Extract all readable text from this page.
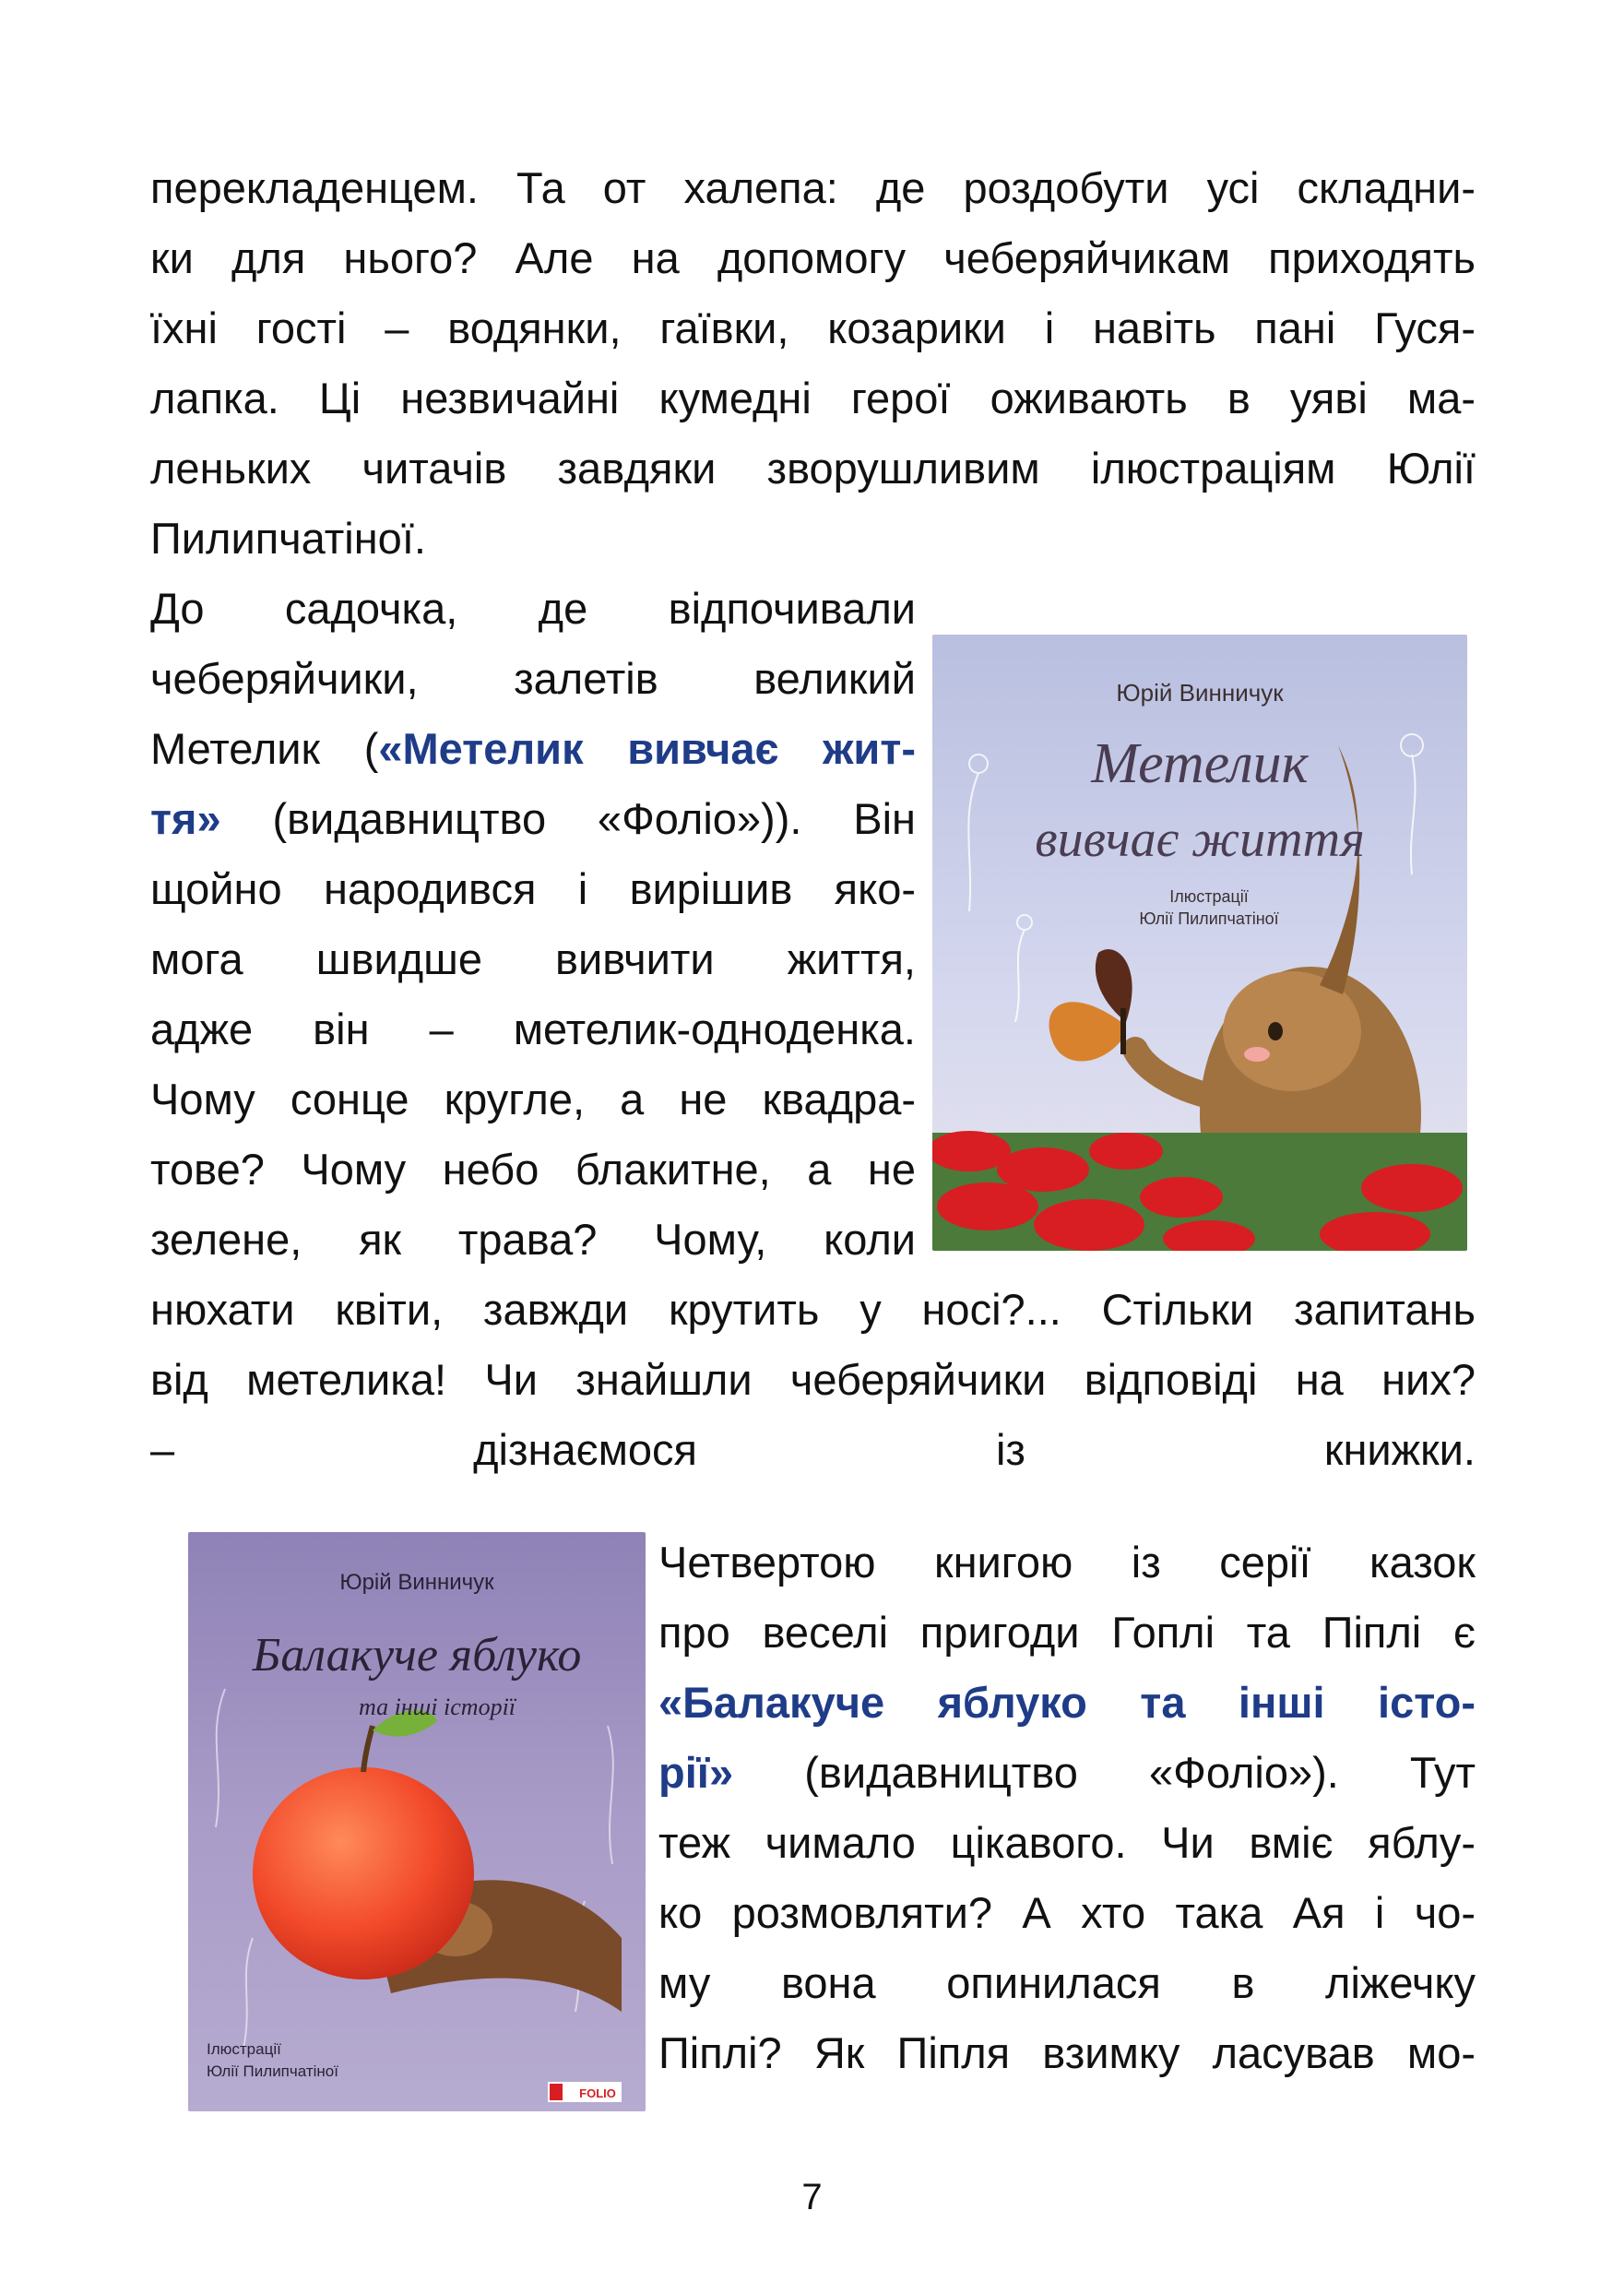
перекладенцем. Та от халепа: де роздобути усі складни-
ки для нього? Але на допомогу чеберяйчикам приходять
їхні гості – водянки, гаївки, козарики і навіть пані Гуся-
лапка. Ці незвичайні кумедні герої оживають в уяві ма-
леньких читачів завдяки зворушливим ілюстраціям Юлії
Пилипчатіної.
До садочка, де відпочивали
чеберяйчики, залетів великий
Метелик («Метелик вивчає жит-
тя» (видавництво «Фоліо»)). Він
щойно народився і вирішив яко-
мога швидше вивчити життя,
адже він – метелик-одноденка.
Чому сонце кругле, а не квадра-
тове? Чому небо блакитне, а не
зелене, як трава? Чому, коли
нюхати квіти, завжди крутить у носі?... Стільки запитань
від метелика! Чи знайшли чеберяйчики відповіді на них?
– дізнаємося із книжки.
Юрій Винничук
Метелик
вивчає життя
Ілюстрації
Юлії Пилипчатіної
Юрій Винничук
Балакуче яблуко
та інші історії
Ілюстрації
Юлії Пилипчатіної
FOLIO
Четвертою книгою із серії казок
про веселі пригоди Гоплі та Піплі є
«Балакуче яблуко та інші істо-
рії» (видавництво «Фоліо»). Тут
теж чимало цікавого. Чи вміє яблу-
ко розмовляти? А хто така Ая і чо-
му вона опинилася в ліжечку
Піплі? Як Піпля взимку ласував мо-
7
